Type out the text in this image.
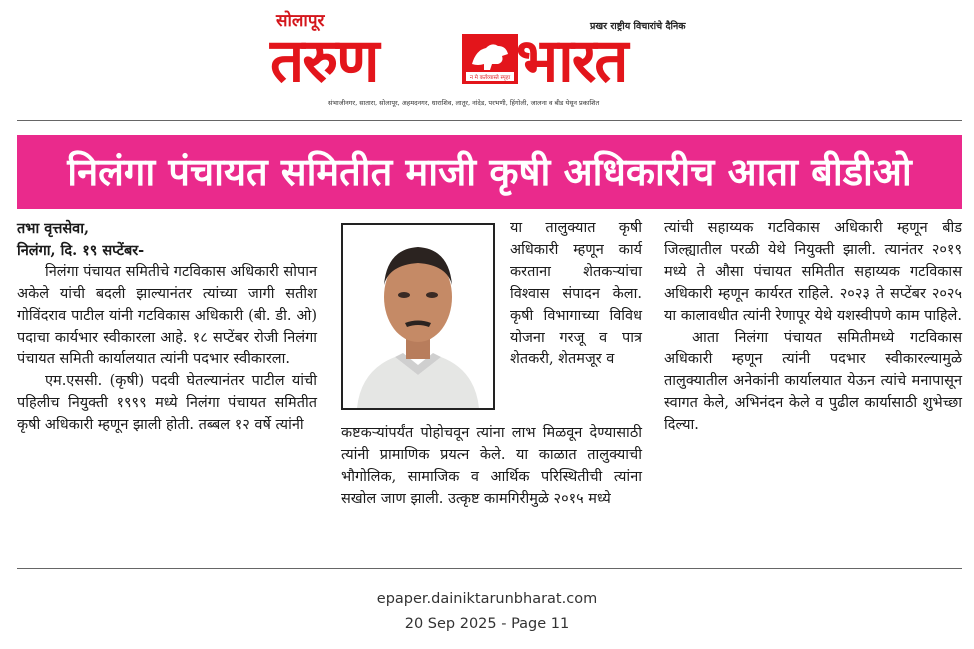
सोलापूर	प्रखर राष्ट्रीय विचारांचे दैनिक
तरुण	न मे कर्तव्यास्ते स्पृहा भारत
संभाजीनगर, सातारा, सोलापूर, अहमदनगर, धाराशिव, लातूर, नांदेड, परभणी, हिंगोली, जालना व बीड येथून प्रकाशित
निलंगा पंचायत समितीत माजी कृषी अधिकारीच आता बीडीओ

तभा वृत्तसेवा,

निलंगा, दि. १९ सप्टेंबर-

निलंगा पंचायत समितीचे गटविकास अधिकारी सोपान अकेले यांची बदली झाल्यानंतर त्यांच्या जागी सतीश गोविंदराव पाटील यांनी गटविकास अधिकारी (बी. डी. ओ) पदाचा कार्यभार स्वीकारला आहे. १८ सप्टेंबर रोजी निलंगा पंचायत समिती कार्यालयात त्यांनी पदभार स्वीकारला.

एम.एससी. (कृषी) पदवी घेतल्यानंतर पाटील यांची पहिलीच नियुक्ती १९९९ मध्ये निलंगा पंचायत समितीत कृषी अधिकारी म्हणून झाली होती. तब्बल १२ वर्षे त्यांनी

या तालुक्यात कृषी अधिकारी म्हणून कार्य करताना शेतकऱ्यांचा विश्वास संपादन केला. कृषी विभागाच्या विविध योजना गरजू व पात्र शेतकरी, शेतमजूर व

कष्टकऱ्यांपर्यंत पोहोचवून त्यांना लाभ मिळवून देण्यासाठी त्यांनी प्रामाणिक प्रयत्न केले. या काळात तालुक्याची भौगोलिक, सामाजिक व आर्थिक परिस्थितीची त्यांना सखोल जाण झाली. उत्कृष्ट कामगिरीमुळे २०१५ मध्ये

त्यांची सहाय्यक गटविकास अधिकारी म्हणून बीड जिल्ह्यातील परळी येथे नियुक्ती झाली. त्यानंतर २०१९ मध्ये ते औसा पंचायत समितीत सहाय्यक गटविकास अधिकारी म्हणून कार्यरत राहिले. २०२३ ते सप्टेंबर २०२५ या कालावधीत त्यांनी रेणापूर येथे यशस्वीपणे काम पाहिले.

आता निलंगा पंचायत समितीमध्ये गटविकास अधिकारी म्हणून त्यांनी पदभार स्वीकारल्यामुळे तालुक्यातील अनेकांनी कार्यालयात येऊन त्यांचे मनापासून स्वागत केले, अभिनंदन केले व पुढील कार्यासाठी शुभेच्छा दिल्या.

epaper.dainiktarunbharat.com
20 Sep 2025 - Page 11
